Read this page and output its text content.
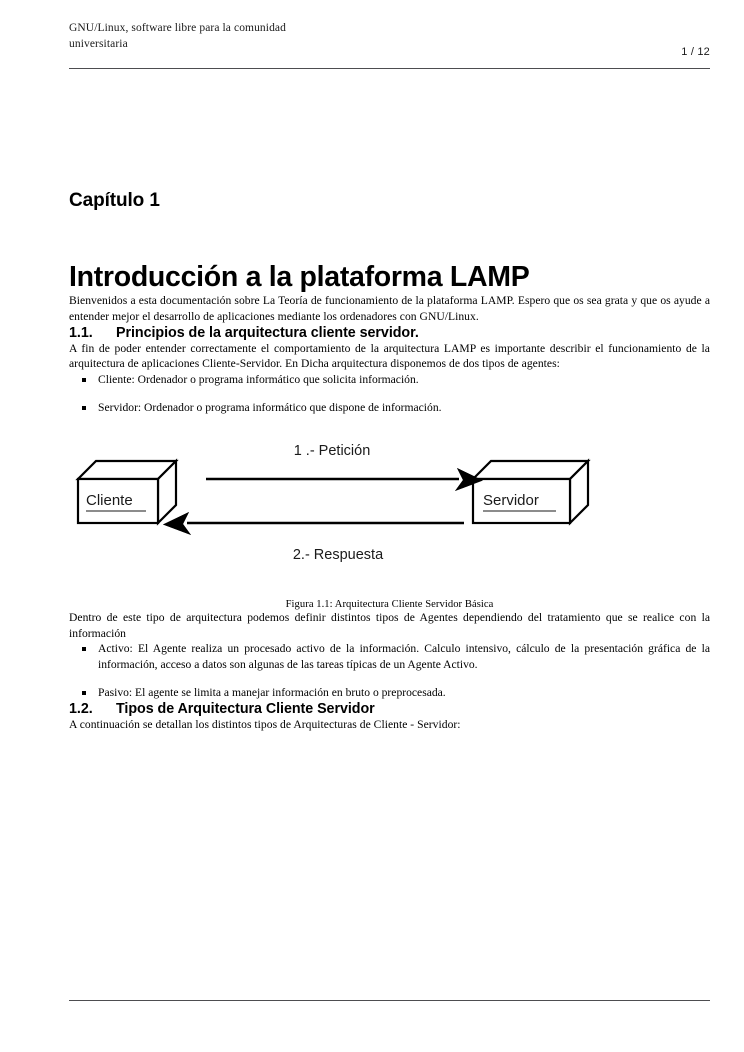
GNU/Linux, software libre para la comunidad universitaria
1 / 12
Capítulo 1
Introducción a la plataforma LAMP

Bienvenidos a esta documentación sobre La Teoría de funcionamiento de la plataforma LAMP. Espero que os sea grata y que os ayude a entender mejor el desarrollo de aplicaciones mediante los ordenadores con GNU/Linux.

1.1. Principios de la arquitectura cliente servidor.

A fin de poder entender correctamente el comportamiento de la arquitectura LAMP es importante describir el funcionamiento de la arquitectura de aplicaciones Cliente-Servidor. En Dicha arquitectura disponemos de dos tipos de agentes:

Cliente: Ordenador o programa informático que solicita información.
Servidor: Ordenador o programa informático que dispone de información.
Cliente	Servidor
1 .- Petición
2.- Respuesta
Figura 1.1: Arquitectura Cliente Servidor Básica

Dentro de este tipo de arquitectura podemos definir distintos tipos de Agentes dependiendo del tratamiento que se realice con la información

Activo: El Agente realiza un procesado activo de la información. Calculo intensivo, cálculo de la presentación gráfica de la información, acceso a datos son algunas de las tareas típicas de un Agente Activo.
Pasivo: El agente se limita a manejar información en bruto o preprocesada.
1.2. Tipos de Arquitectura Cliente Servidor

A continuación se detallan los distintos tipos de Arquitecturas de Cliente - Servidor:
